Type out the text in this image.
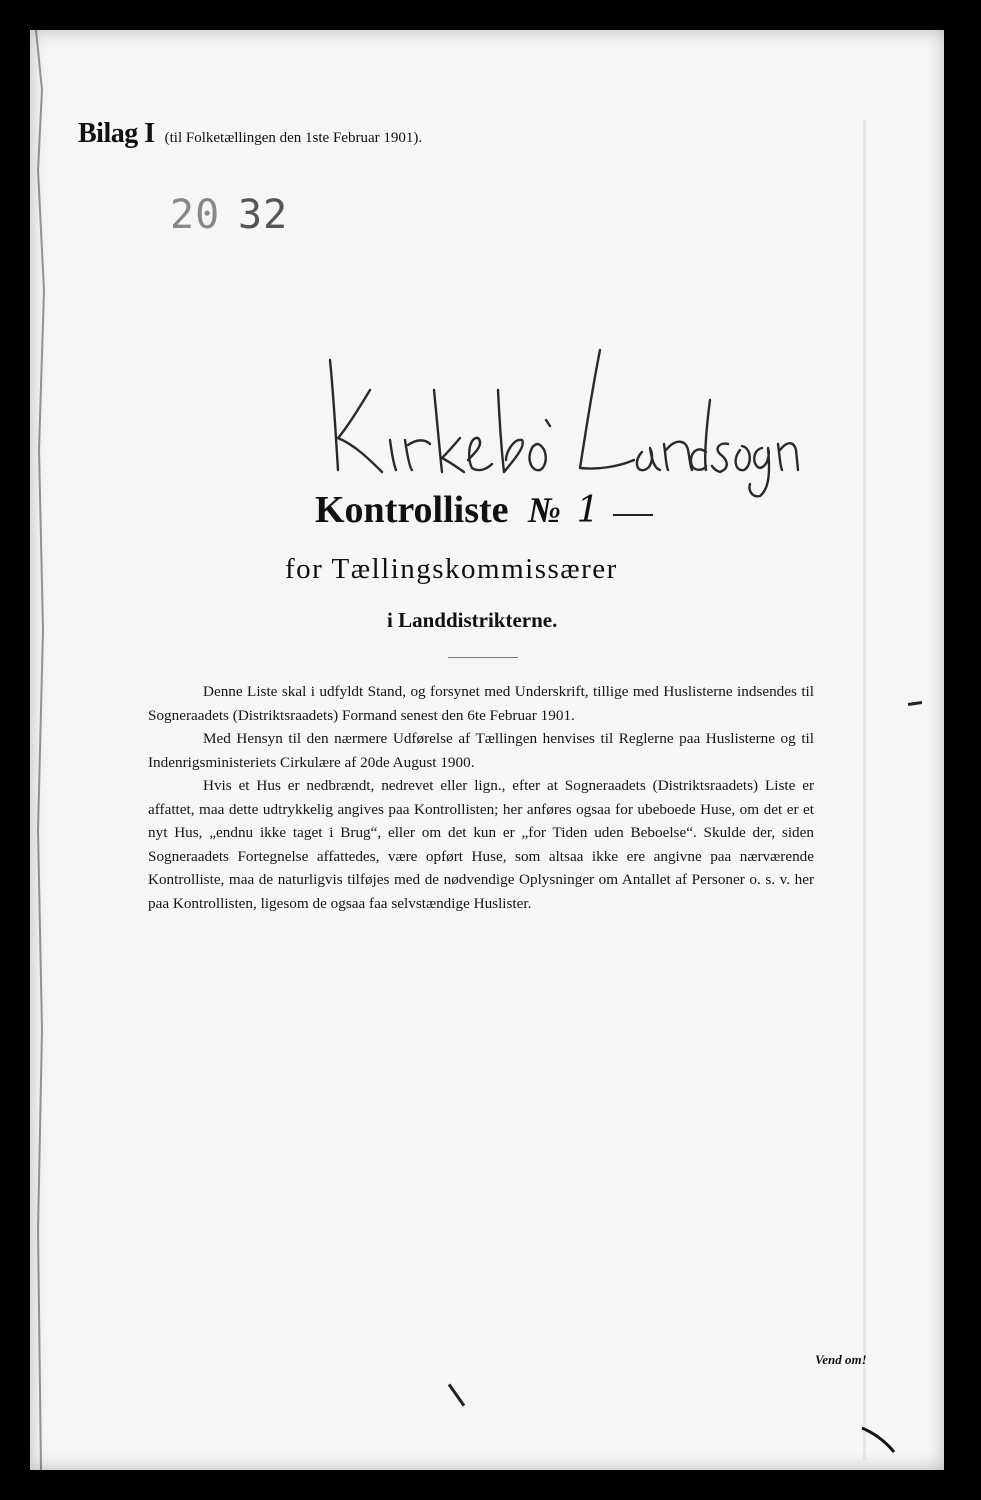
Bilag I (til Folketællingen den 1ste Februar 1901).
20 32
Kontrolliste № 1
for Tællingskommissærer
i Landdistrikterne.

Denne Liste skal i udfyldt Stand, og forsynet med Underskrift, tillige med Huslisterne indsendes til Sogneraadets (Distriktsraadets) Formand senest den 6te Februar 1901.

Med Hensyn til den nærmere Udførelse af Tællingen henvises til Reglerne paa Huslisterne og til Indenrigsministeriets Cirkulære af 20de August 1900.

Hvis et Hus er nedbrændt, nedrevet eller lign., efter at Sogneraadets (Distriktsraadets) Liste er affattet, maa dette udtrykkelig angives paa Kontrollisten; her anføres ogsaa for ubeboede Huse, om det er et nyt Hus, „endnu ikke taget i Brug“, eller om det kun er „for Tiden uden Beboelse“. Skulde der, siden Sogneraadets Fortegnelse affattedes, være opført Huse, som altsaa ikke ere angivne paa nærværende Kontrolliste, maa de naturligvis tilføjes med de nødvendige Oplysninger om Antallet af Personer o. s. v. her paa Kontrollisten, ligesom de ogsaa faa selvstændige Huslister.

Vend om!
